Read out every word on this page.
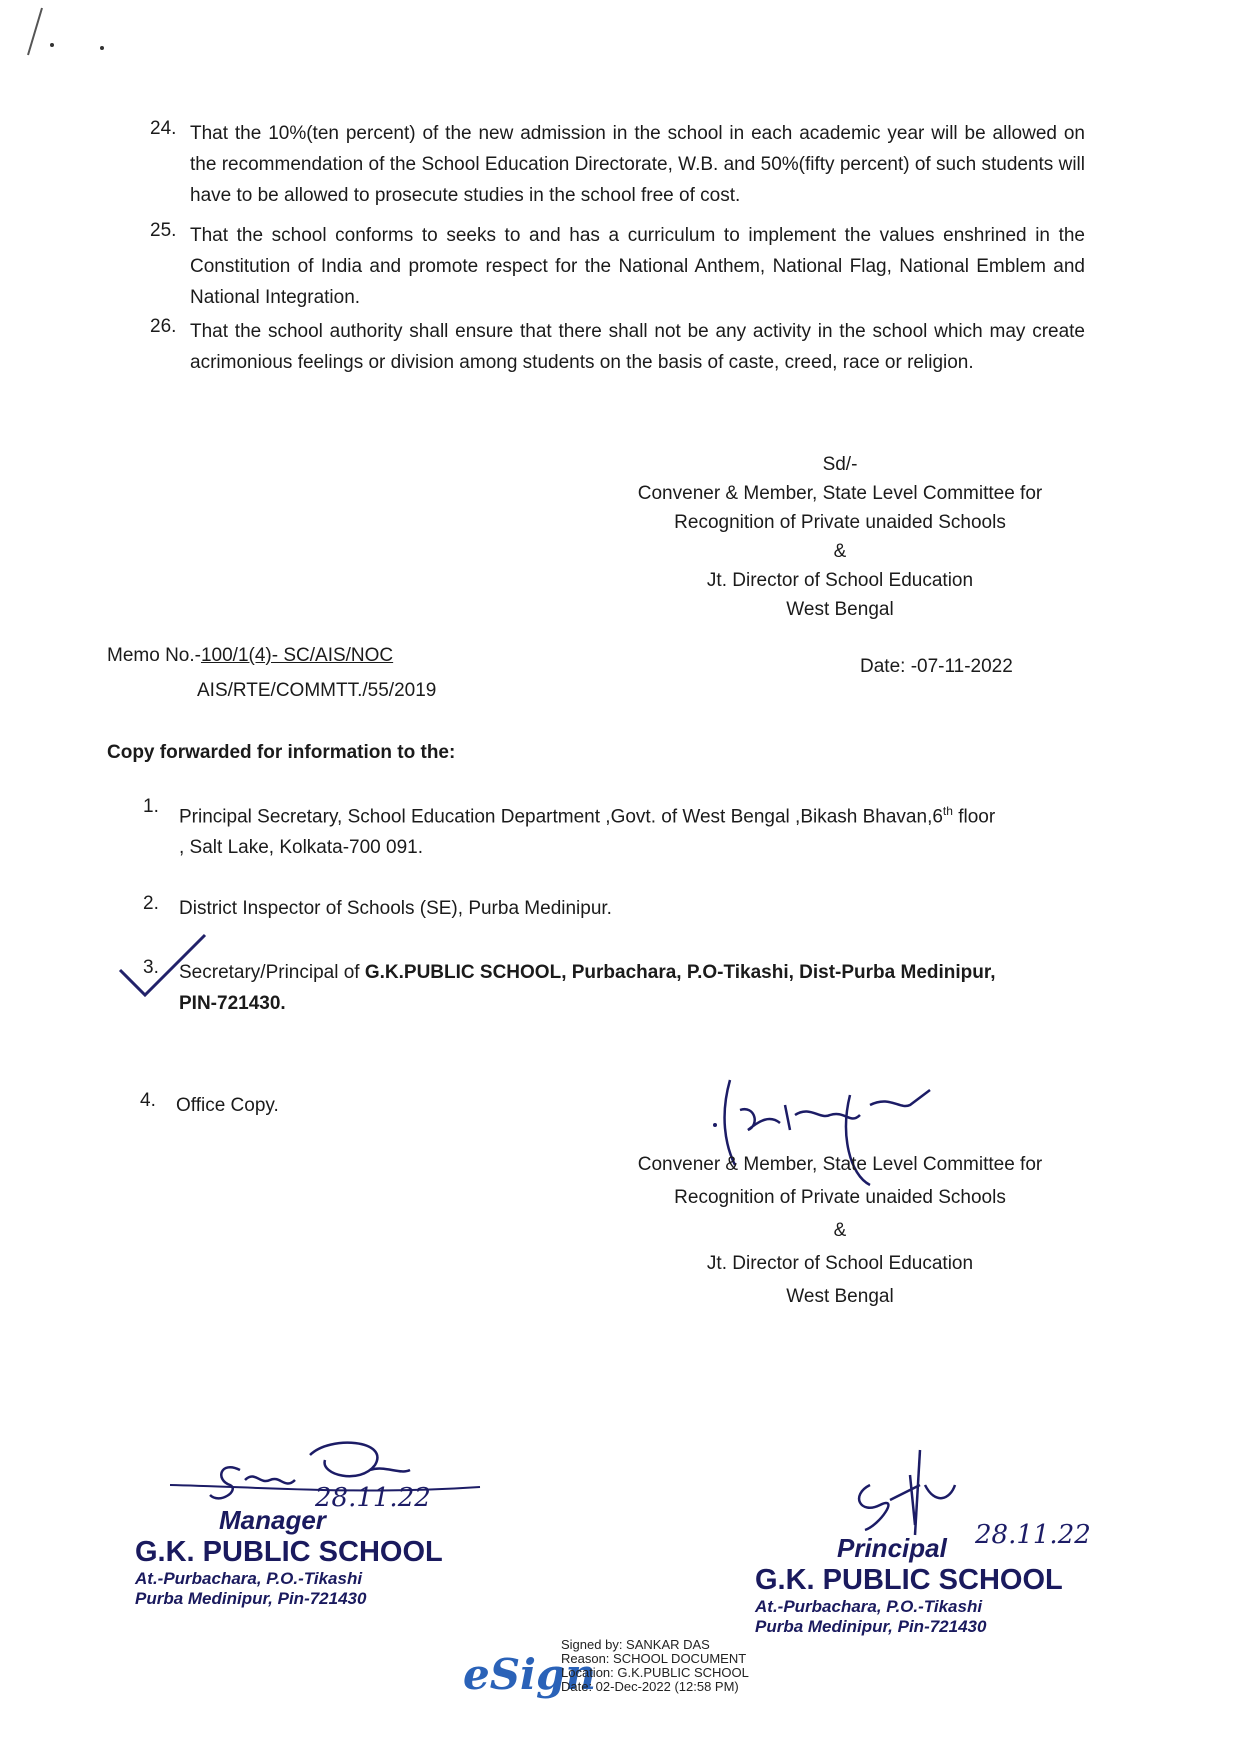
24. That the 10%(ten percent) of the new admission in the school in each academic year will be allowed on the recommendation of the School Education Directorate, W.B. and 50%(fifty percent) of such students will have to be allowed to prosecute studies in the school free of cost.
25. That the school conforms to seeks to and has a curriculum to implement the values enshrined in the Constitution of India and promote respect for the National Anthem, National Flag, National Emblem and National Integration.
26. That the school authority shall ensure that there shall not be any activity in the school which may create acrimonious feelings or division among students on the basis of caste, creed, race or religion.
Sd/-
Convener & Member, State Level Committee for
Recognition of Private unaided Schools
&
Jt. Director of School Education
West Bengal
Memo No.-100/1(4)- SC/AIS/NOC
AIS/RTE/COMMTT./55/2019
Date: -07-11-2022
Copy forwarded for information to the:
1. Principal Secretary, School Education Department ,Govt. of West Bengal ,Bikash Bhavan,6th floor
, Salt Lake, Kolkata-700 091.
2. District Inspector of Schools (SE), Purba Medinipur.
3. Secretary/Principal of G.K.PUBLIC SCHOOL, Purbachara, P.O-Tikashi, Dist-Purba Medinipur,
PIN-721430.
4. Office Copy.
Convener & Member, State Level Committee for
Recognition of Private unaided Schools
&
Jt. Director of School Education
West Bengal
28.11.22
Manager
G.K. PUBLIC SCHOOL
At.-Purbachara, P.O.-Tikashi
Purba Medinipur, Pin-721430
28.11.22
Principal
G.K. PUBLIC SCHOOL
At.-Purbachara, P.O.-Tikashi
Purba Medinipur, Pin-721430
eSign
Signed by: SANKAR DAS
Reason: SCHOOL DOCUMENT
Location: G.K.PUBLIC SCHOOL
Date: 02-Dec-2022 (12:58 PM)
